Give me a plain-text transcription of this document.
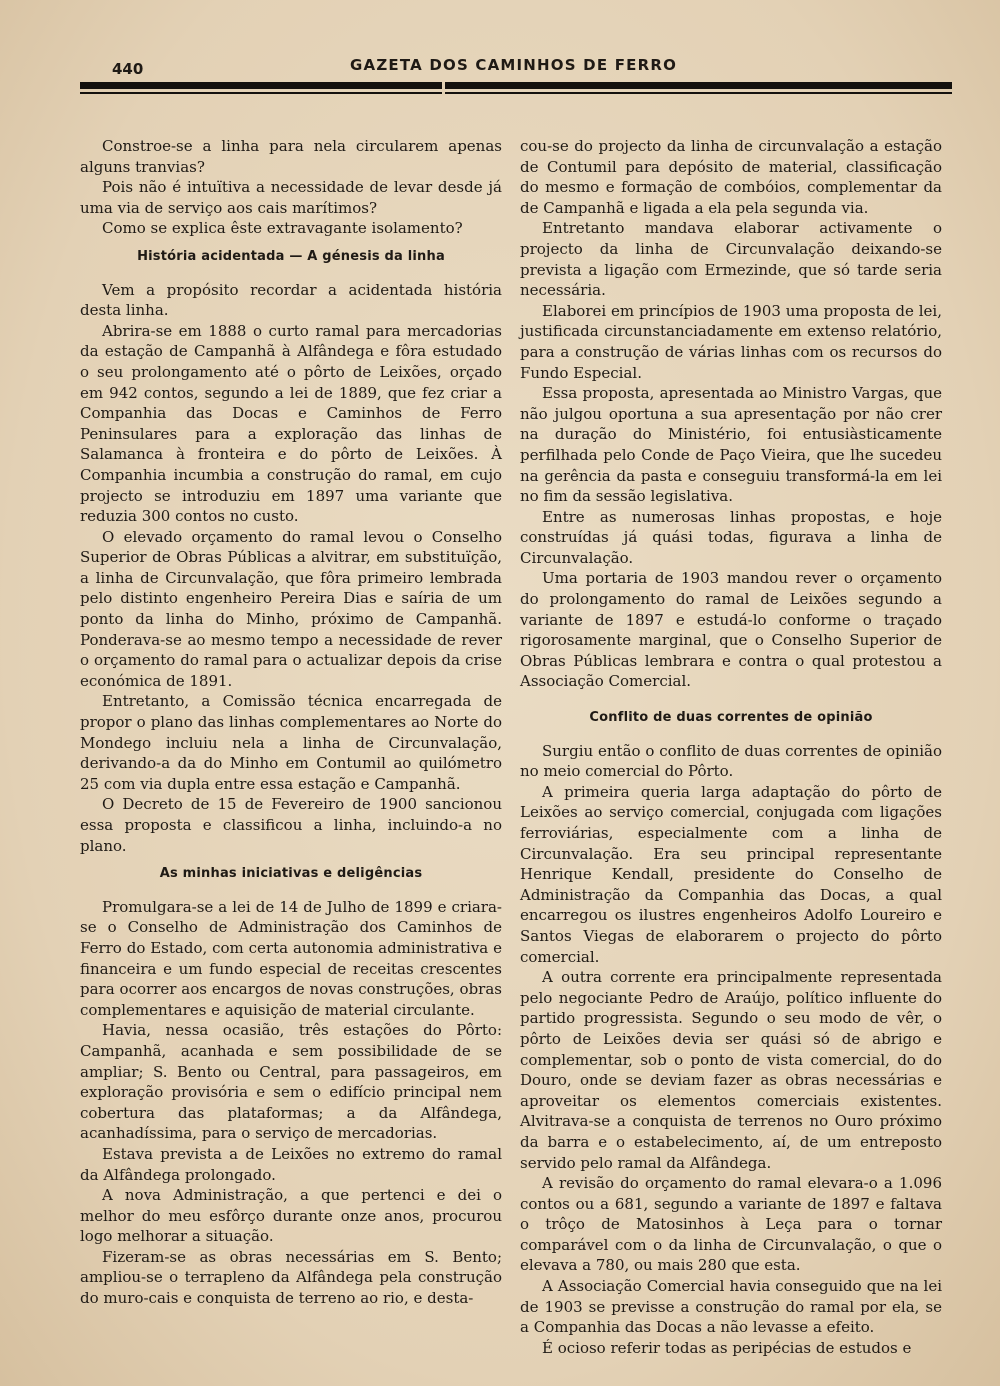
440	GAZETA DOS CAMINHOS DE FERRO

Constroe-se a linha para nela circularem apenas alguns tranvias?

Pois não é intuïtiva a necessidade de levar desde já uma via de serviço aos cais marítimos?

Como se explica êste extravagante isolamento?

História acidentada — A génesis da linha

Vem a propósito recordar a acidentada história desta linha.

Abrira-se em 1888 o curto ramal para mercadorias da estação de Campanhã à Alfândega e fôra estudado o seu prolongamento até o pôrto de Leixões, orçado em 942 contos, segundo a lei de 1889, que fez criar a Companhia das Docas e Caminhos de Ferro Peninsulares para a exploração das linhas de Salamanca à fronteira e do pôrto de Leixões. À Companhia incumbia a construção do ramal, em cujo projecto se introduziu em 1897 uma variante que reduzia 300 contos no custo.

O elevado orçamento do ramal levou o Conselho Superior de Obras Públicas a alvitrar, em substituïção, a linha de Circunvalação, que fôra primeiro lembrada pelo distinto engenheiro Pereira Dias e saíria de um ponto da linha do Minho, próximo de Campanhã. Ponderava-se ao mesmo tempo a necessidade de rever o orçamento do ramal para o actualizar depois da crise económica de 1891.

Entretanto, a Comissão técnica encarregada de propor o plano das linhas complementares ao Norte do Mondego incluiu nela a linha de Circunvalação, derivando-a da do Minho em Contumil ao quilómetro 25 com via dupla entre essa estação e Campanhã.

O Decreto de 15 de Fevereiro de 1900 sancionou essa proposta e classificou a linha, incluindo-a no plano.

As minhas iniciativas e deligências

Promulgara-se a lei de 14 de Julho de 1899 e criara-se o Conselho de Administração dos Caminhos de Ferro do Estado, com certa autonomia administrativa e financeira e um fundo especial de receitas crescentes para ocorrer aos encargos de novas construções, obras complementares e aquisição de material circulante.

Havia, nessa ocasião, três estações do Pôrto: Campanhã, acanhada e sem possibilidade de se ampliar; S. Bento ou Central, para passageiros, em exploração provisória e sem o edifício principal nem cobertura das plataformas; a da Alfândega, acanhadíssima, para o serviço de mercadorias.

Estava prevista a de Leixões no extremo do ramal da Alfândega prolongado.

A nova Administração, a que pertenci e dei o melhor do meu esfôrço durante onze anos, procurou logo melhorar a situação.

Fizeram-se as obras necessárias em S. Bento; ampliou-se o terrapleno da Alfândega pela construção do muro-cais e conquista de terreno ao rio, e desta-

cou-se do projecto da linha de circunvalação a estação de Contumil para depósito de material, classificação do mesmo e formação de combóios, complementar da de Campanhã e ligada a ela pela segunda via.

Entretanto mandava elaborar activamente o projecto da linha de Circunvalação deixando-se prevista a ligação com Ermezinde, que só tarde seria necessária.

Elaborei em princípios de 1903 uma proposta de lei, justificada circunstanciadamente em extenso relatório, para a construção de várias linhas com os recursos do Fundo Especial.

Essa proposta, apresentada ao Ministro Vargas, que não julgou oportuna a sua apresentação por não crer na duração do Ministério, foi entusiàsticamente perfilhada pelo Conde de Paço Vieira, que lhe sucedeu na gerência da pasta e conseguiu transformá-la em lei no fim da sessão legislativa.

Entre as numerosas linhas propostas, e hoje construídas já quási todas, figurava a linha de Circunvalação.

Uma portaria de 1903 mandou rever o orçamento do prolongamento do ramal de Leixões segundo a variante de 1897 e estudá-lo conforme o traçado rigorosamente marginal, que o Conselho Superior de Obras Públicas lembrara e contra o qual protestou a Associação Comercial.

Conflito de duas correntes de opinião

Surgiu então o conflito de duas correntes de opinião no meio comercial do Pôrto.

A primeira queria larga adaptação do pôrto de Leixões ao serviço comercial, conjugada com ligações ferroviárias, especialmente com a linha de Circunvalação. Era seu principal representante Henrique Kendall, presidente do Conselho de Administração da Companhia das Docas, a qual encarregou os ilustres engenheiros Adolfo Loureiro e Santos Viegas de elaborarem o projecto do pôrto comercial.

A outra corrente era principalmente representada pelo negociante Pedro de Araújo, político influente do partido progressista. Segundo o seu modo de vêr, o pôrto de Leixões devia ser quási só de abrigo e complementar, sob o ponto de vista comercial, do do Douro, onde se deviam fazer as obras necessárias e aproveitar os elementos comerciais existentes. Alvitrava-se a conquista de terrenos no Ouro próximo da barra e o estabelecimento, aí, de um entreposto servido pelo ramal da Alfândega.

A revisão do orçamento do ramal elevara-o a 1.096 contos ou a 681, segundo a variante de 1897 e faltava o trôço de Matosinhos à Leça para o tornar comparável com o da linha de Circunvalação, o que o elevava a 780, ou mais 280 que esta.

A Associação Comercial havia conseguido que na lei de 1903 se previsse a construção do ramal por ela, se a Companhia das Docas a não levasse a efeito.

É ocioso referir todas as peripécias de estudos e
